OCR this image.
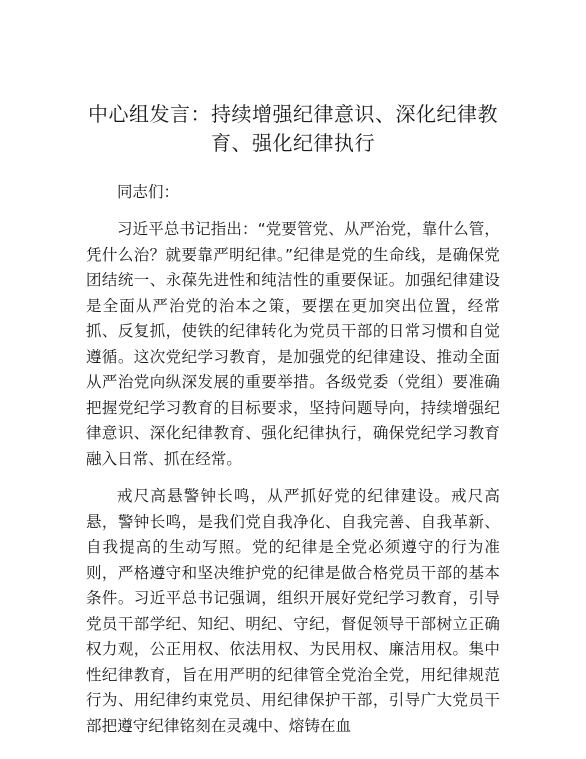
中心组发言：持续增强纪律意识、深化纪律教育、强化纪律执行

同志们：

习近平总书记指出：“党要管党、从严治党，靠什么管，凭什么治？就要靠严明纪律。”纪律是党的生命线，是确保党团结统一、永葆先进性和纯洁性的重要保证。加强纪律建设是全面从严治党的治本之策，要摆在更加突出位置，经常抓、反复抓，使铁的纪律转化为党员干部的日常习惯和自觉遵循。这次党纪学习教育，是加强党的纪律建设、推动全面从严治党向纵深发展的重要举措。各级党委（党组）要准确把握党纪学习教育的目标要求，坚持问题导向，持续增强纪律意识、深化纪律教育、强化纪律执行，确保党纪学习教育融入日常、抓在经常。

戒尺高悬警钟长鸣，从严抓好党的纪律建设。戒尺高悬，警钟长鸣，是我们党自我净化、自我完善、自我革新、自我提高的生动写照。党的纪律是全党必须遵守的行为准则，严格遵守和坚决维护党的纪律是做合格党员干部的基本条件。习近平总书记强调，组织开展好党纪学习教育，引导党员干部学纪、知纪、明纪、守纪，督促领导干部树立正确权力观，公正用权、依法用权、为民用权、廉洁用权。集中性纪律教育，旨在用严明的纪律管全党治全党，用纪律规范行为、用纪律约束党员、用纪律保护干部，引导广大党员干部把遵守纪律铭刻在灵魂中、熔铸在血
